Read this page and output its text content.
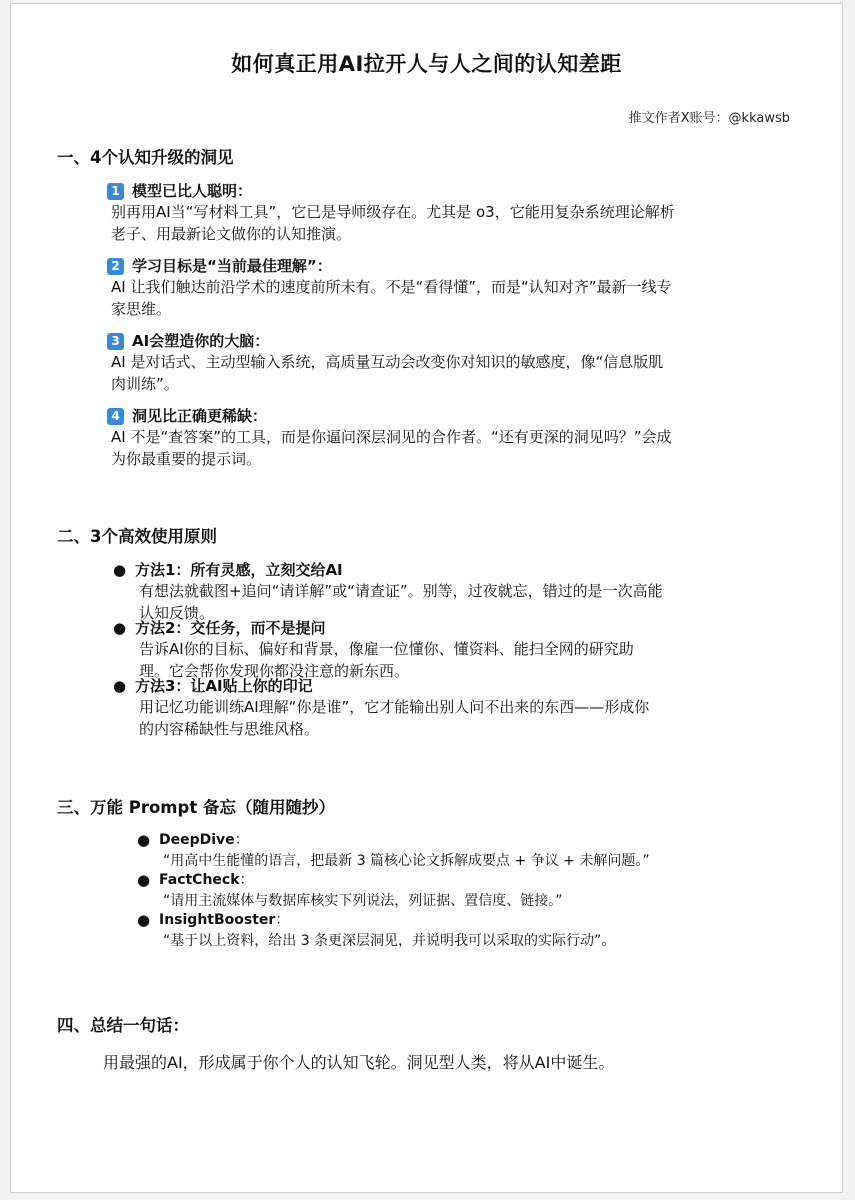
如何真正用AI拉开人与人之间的认知差距
推文作者X账号：@kkawsb
一、4个认知升级的洞见
1 模型已比人聪明：
别再用AI当“写材料工具”，它已是导师级存在。尤其是 o3，它能用复杂系统理论解析
老子、用最新论文做你的认知推演。
2 学习目标是“当前最佳理解”：
AI 让我们触达前沿学术的速度前所未有。不是“看得懂”，而是“认知对齐”最新一线专
家思维。
3 AI会塑造你的大脑：
AI 是对话式、主动型输入系统，高质量互动会改变你对知识的敏感度，像“信息版肌
肉训练”。
4 洞见比正确更稀缺：
AI 不是“查答案”的工具，而是你逼问深层洞见的合作者。“还有更深的洞见吗？”会成
为你最重要的提示词。
二、3个高效使用原则
● 方法1：所有灵感，立刻交给AI
有想法就截图+追问“请详解”或“请查证”。别等，过夜就忘，错过的是一次高能
认知反馈。
● 方法2：交任务，而不是提问
告诉AI你的目标、偏好和背景，像雇一位懂你、懂资料、能扫全网的研究助
理。它会帮你发现你都没注意的新东西。
● 方法3：让AI贴上你的印记
用记忆功能训练AI理解“你是谁”，它才能输出别人问不出来的东西——形成你
的内容稀缺性与思维风格。
三、万能 Prompt 备忘（随用随抄）
● DeepDive：
“用高中生能懂的语言，把最新 3 篇核心论文拆解成要点 + 争议 + 未解问题。”
● FactCheck：
“请用主流媒体与数据库核实下列说法，列证据、置信度、链接。”
● InsightBooster：
“基于以上资料，给出 3 条更深层洞见，并说明我可以采取的实际行动”。
四、总结一句话：
用最强的AI，形成属于你个人的认知飞轮。洞见型人类，将从AI中诞生。
